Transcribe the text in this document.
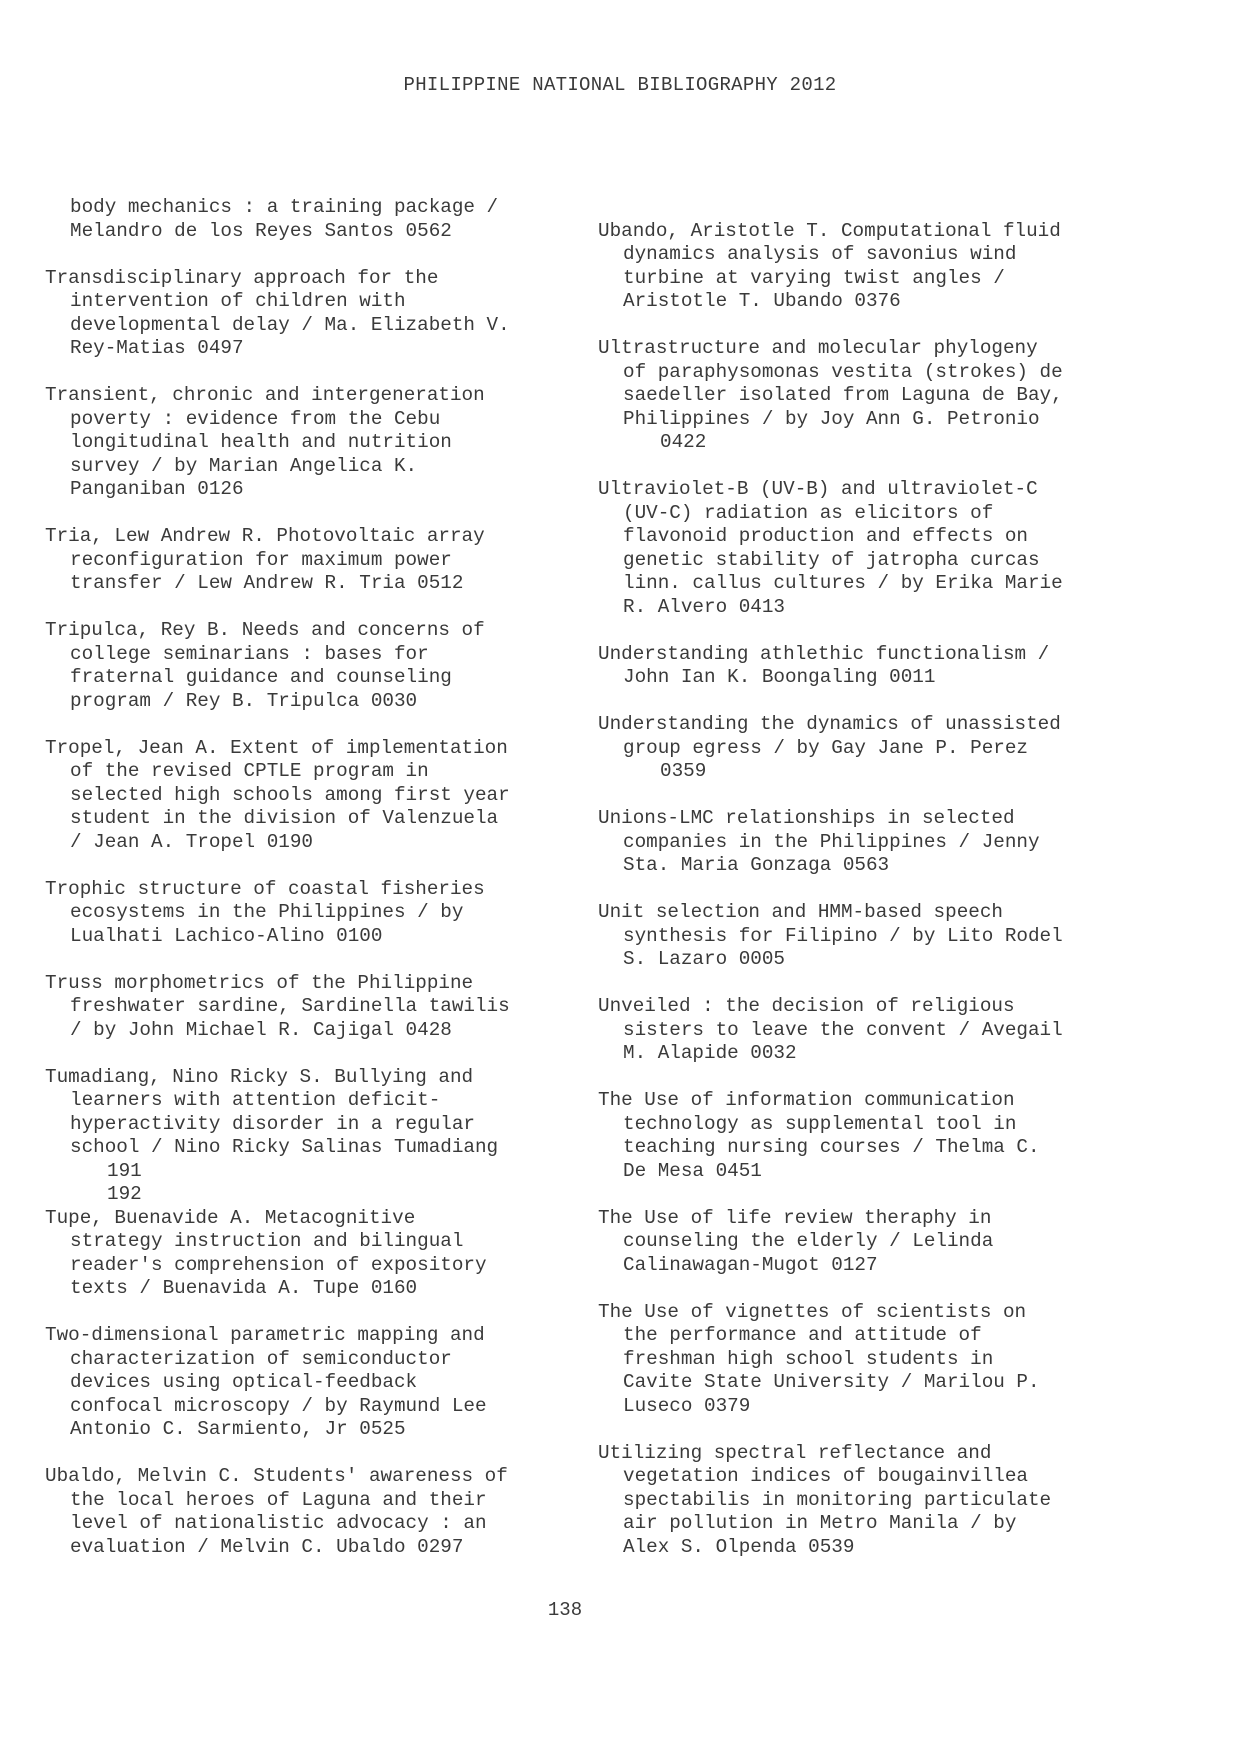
PHILIPPINE NATIONAL BIBLIOGRAPHY 2012
body mechanics : a training package /
Melandro de los Reyes Santos 0562
Transdisciplinary approach for the
intervention of children with
developmental delay / Ma. Elizabeth V.
Rey-Matias 0497
Transient, chronic and intergeneration
poverty : evidence from the Cebu
longitudinal health and nutrition
survey / by Marian Angelica K.
Panganiban 0126
Tria, Lew Andrew R. Photovoltaic array
reconfiguration for maximum power
transfer / Lew Andrew R. Tria 0512
Tripulca, Rey B. Needs and concerns of
college seminarians : bases for
fraternal guidance and counseling
program / Rey B. Tripulca 0030
Tropel, Jean A. Extent of implementation
of the revised CPTLE program in
selected high schools among first year
student in the division of Valenzuela
/ Jean A. Tropel 0190
Trophic structure of coastal fisheries
ecosystems in the Philippines / by
Lualhati Lachico-Alino 0100
Truss morphometrics of the Philippine
freshwater sardine, Sardinella tawilis
/ by John Michael R. Cajigal 0428
Tumadiang, Nino Ricky S. Bullying and
learners with attention deficit-
hyperactivity disorder in a regular
school / Nino Ricky Salinas Tumadiang
191
192
Tupe, Buenavide A. Metacognitive
strategy instruction and bilingual
reader's comprehension of expository
texts / Buenavida A. Tupe 0160
Two-dimensional parametric mapping and
characterization of semiconductor
devices using optical-feedback
confocal microscopy / by Raymund Lee
Antonio C. Sarmiento, Jr 0525
Ubaldo, Melvin C. Students' awareness of
the local heroes of Laguna and their
level of nationalistic advocacy : an
evaluation / Melvin C. Ubaldo 0297
Ubando, Aristotle T. Computational fluid
dynamics analysis of savonius wind
turbine at varying twist angles /
Aristotle T. Ubando 0376
Ultrastructure and molecular phylogeny
of paraphysomonas vestita (strokes) de
saedeller isolated from Laguna de Bay,
Philippines / by Joy Ann G. Petronio
0422
Ultraviolet-B (UV-B) and ultraviolet-C
(UV-C) radiation as elicitors of
flavonoid production and effects on
genetic stability of jatropha curcas
linn. callus cultures / by Erika Marie
R. Alvero 0413
Understanding athlethic functionalism /
John Ian K. Boongaling 0011
Understanding the dynamics of unassisted
group egress / by Gay Jane P. Perez
0359
Unions-LMC relationships in selected
companies in the Philippines / Jenny
Sta. Maria Gonzaga 0563
Unit selection and HMM-based speech
synthesis for Filipino / by Lito Rodel
S. Lazaro 0005
Unveiled : the decision of religious
sisters to leave the convent / Avegail
M. Alapide 0032
The Use of information communication
technology as supplemental tool in
teaching nursing courses / Thelma C.
De Mesa 0451
The Use of life review theraphy in
counseling the elderly / Lelinda
Calinawagan-Mugot 0127
The Use of vignettes of scientists on
the performance and attitude of
freshman high school students in
Cavite State University / Marilou P.
Luseco 0379
Utilizing spectral reflectance and
vegetation indices of bougainvillea
spectabilis in monitoring particulate
air pollution in Metro Manila / by
Alex S. Olpenda 0539
138
